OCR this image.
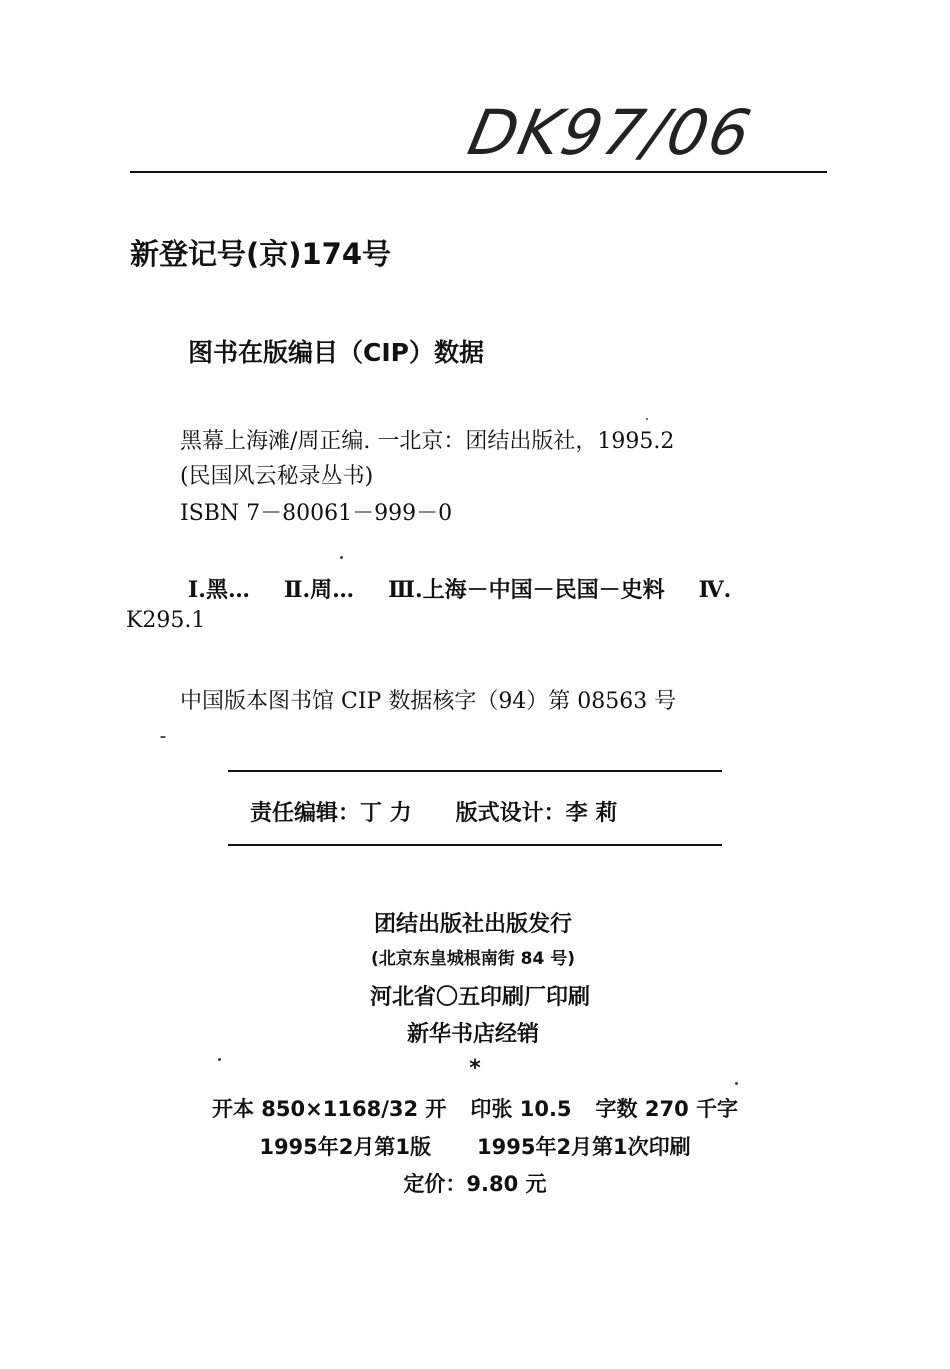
DK97/06
新登记号(京)174号
图书在版编目（CIP）数据
黑幕上海滩/周正编. 一北京：团结出版社，1995.2
(民国风云秘录丛书)
ISBN 7－80061－999－0
Ⅰ.黑… Ⅱ.周… Ⅲ.上海－中国－民国－史料 Ⅳ.
K295.1
中国版本图书馆 CIP 数据核字（94）第 08563 号
责任编辑：丁 力 版式设计：李 莉
团结出版社出版发行
(北京东皇城根南街 84 号)
河北省〇五印刷厂印刷
新华书店经销
*
开本 850×1168/32 开 印张 10.5 字数 270 千字
1995年2月第1版 1995年2月第1次印刷
定价：9.80 元
